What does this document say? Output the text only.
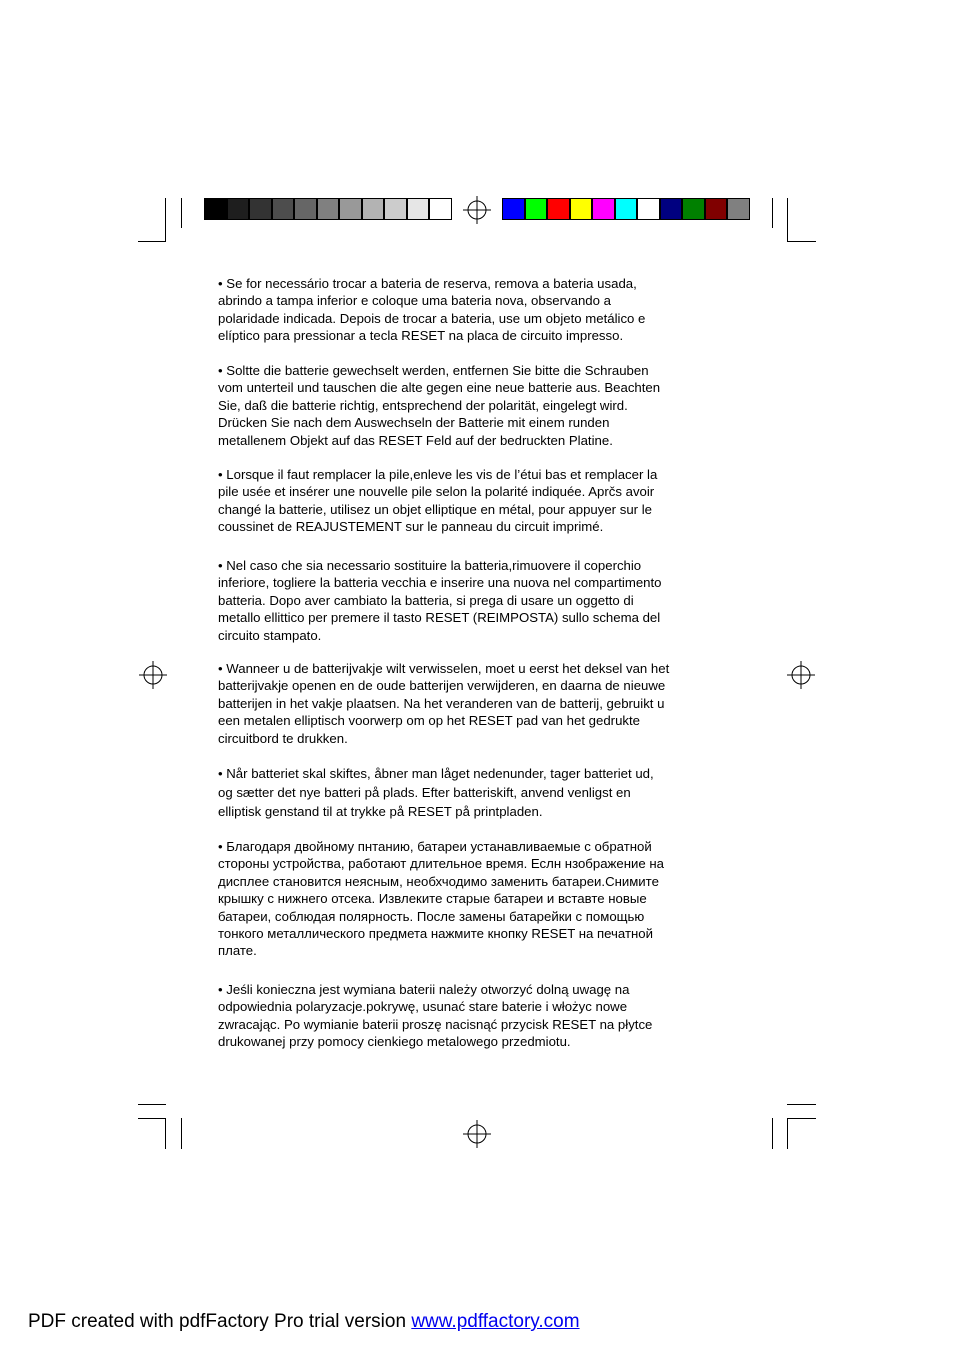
• Se for necessário trocar a bateria de reserva, remova a bateria usada,
abrindo a tampa inferior e coloque uma bateria nova, observando a
polaridade indicada. Depois de trocar a bateria, use um objeto metálico e
elíptico para pressionar a tecla RESET na placa de circuito impresso.
• Soltte die batterie gewechselt werden, entfernen Sie bitte die Schrauben
vom unterteil und tauschen die alte gegen eine neue batterie aus. Beachten
Sie, daß die batterie richtig, entsprechend der polarität, eingelegt wird.
Drücken Sie nach dem Auswechseln der Batterie mit einem runden
metallenem Objekt auf das RESET Feld auf der bedruckten Platine.
• Lorsque il faut remplacer la pile,enleve les vis de l’étui bas et remplacer la
pile usée et insérer une nouvelle pile selon la polarité indiquée. Aprčs avoir
changé la batterie, utilisez un objet elliptique en métal, pour appuyer sur le
coussinet de REAJUSTEMENT sur le panneau du circuit imprimé.
• Nel caso che sia necessario sostituire la batteria,rimuovere il coperchio
inferiore, togliere la batteria vecchia e inserire una nuova nel compartimento
batteria. Dopo aver cambiato la batteria, si prega di usare un oggetto di
metallo ellittico per premere il tasto RESET (REIMPOSTA) sullo schema del
circuito stampato.
• Wanneer u de batterijvakje wilt verwisselen, moet u eerst het deksel van het
batterijvakje openen en de oude batterijen verwijderen, en daarna de nieuwe
batterijen in het vakje plaatsen. Na het veranderen van de batterij, gebruikt u
een metalen elliptisch voorwerp om op het RESET pad van het gedrukte
circuitbord te drukken.
• Når batteriet skal skiftes, åbner man låget nedenunder, tager batteriet ud,
og sætter det nye batteri på plads. Efter batteriskift, anvend venligst en
elliptisk genstand til at trykke på RESET på printpladen.
• Благодаря двойному пнтанию, батареи устанавливаемые с обратной
стороны устройства, работают длительное время. Еслн нзображение на
дисплее становится неясным, необхчодимо заменить батареи.Снимите
крышку с нижнего отсека. Извлеките старые батареи и вставте новые
батареи, соблюдая полярность. После замены батарейки с помощью
тонкого металлического предмета нажмите кнопку RESET на печатной
плате.
• Jeśli konieczna jest wymiana baterii należy otworzyć dolną uwagę na
odpowiednia polaryzacje.pokrywę, usunać stare baterie i włożyc nowe
zwracając. Po wymianie baterii proszę nacisnąć przycisk RESET na płytce
drukowanej przy pomocy cienkiego metalowego przedmiotu.
PDF created with pdfFactory Pro trial version www.pdffactory.com
